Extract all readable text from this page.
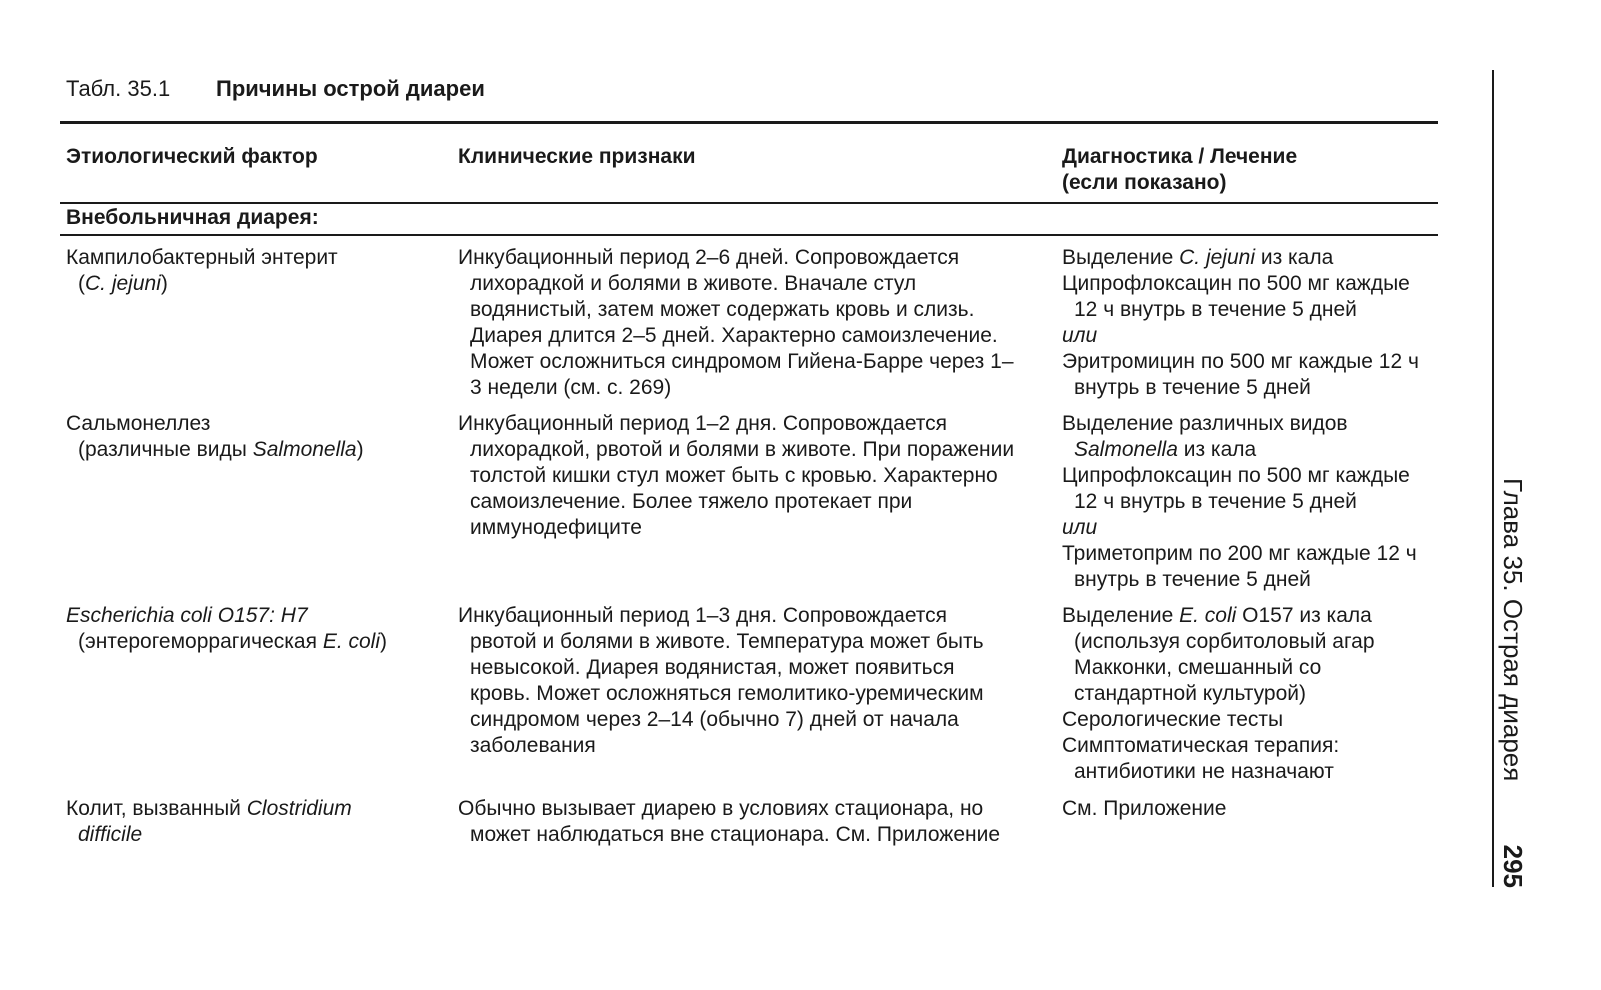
Табл. 35.1 Причины острой диареи
Этиологический фактор	Клинические признаки	Диагностика / Лечение
(если показано)
Внебольничная диарея:

Кампилобактерный энтерит

(C. jejuni)

Инкубационный период 2–6 дней. Сопровождается лихорадкой и болями в животе. Вначале стул водянистый, затем может содержать кровь и слизь. Диарея длится 2–5 дней. Характерно самоизлечение. Может осложниться синдромом Гийена-Барре через 1–3 недели (см. с. 269)

Выделение C. jejuni из кала

Ципрофлоксацин по 500 мг каждые 12 ч внутрь в течение 5 дней

или

Эритромицин по 500 мг каждые 12 ч внутрь в течение 5 дней

Сальмонеллез

(различные виды Salmonella)

Инкубационный период 1–2 дня. Сопровождается лихорадкой, рвотой и болями в животе. При поражении толстой кишки стул может быть с кровью. Характерно самоизлечение. Более тяжело протекает при иммунодефиците

Выделение различных видов Salmonella из кала

Ципрофлоксацин по 500 мг каждые 12 ч внутрь в течение 5 дней

или

Триметоприм по 200 мг каждые 12 ч внутрь в течение 5 дней

Escherichia coli O157: H7

(энтерогеморрагическая E. coli)

Инкубационный период 1–3 дня. Сопровождается рвотой и болями в животе. Температура может быть невысокой. Диарея водянистая, может появиться кровь. Может осложняться гемолитико-уремическим синдромом через 2–14 (обычно 7) дней от начала заболевания

Выделение E. coli O157 из кала (используя сорбитоловый агар Макконки, смешанный со стандартной культурой)

Серологические тесты

Симптоматическая терапия: антибиотики не назначают

Колит, вызванный Clostridium

difficile

Обычно вызывает диарею в условиях стационара, но может наблюдаться вне стационара. См. Приложение

См. Приложение

Глава 35. Острая диарея
295
